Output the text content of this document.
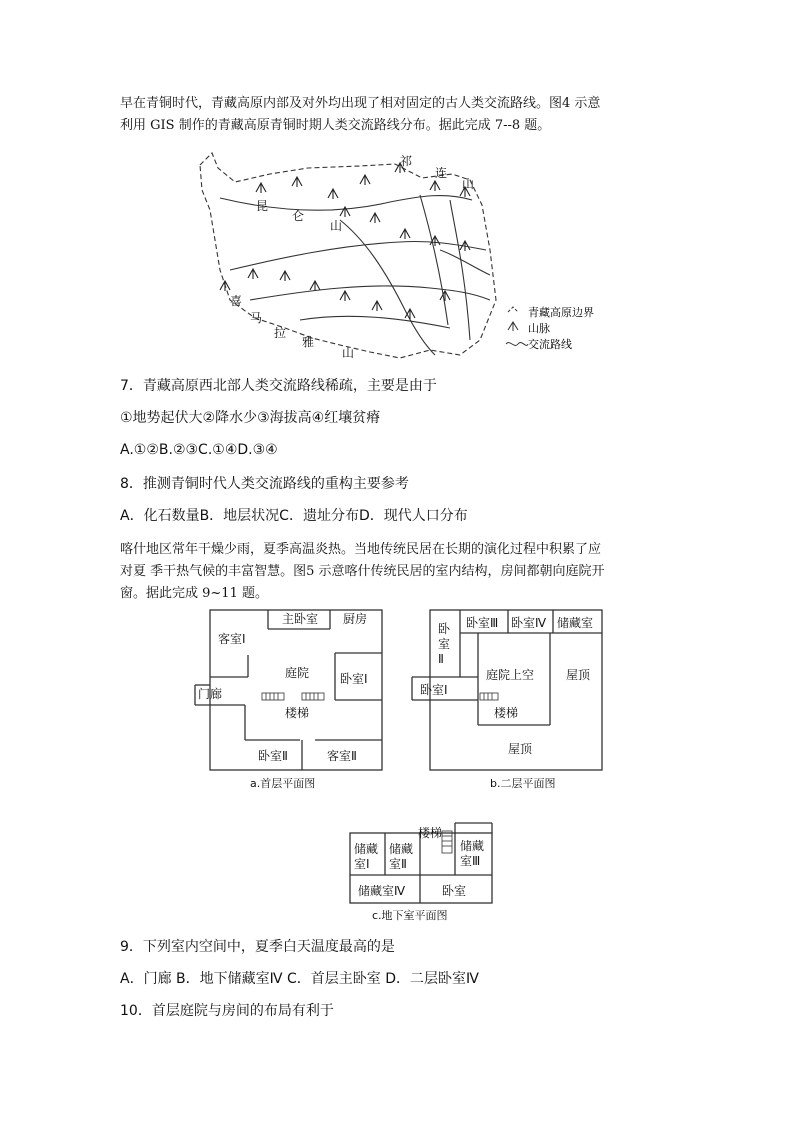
早在青铜时代，青藏高原内部及对外均出现了相对固定的古人类交流路线。图4 示意
利用 GIS 制作的青藏高原青铜时期人类交流路线分布。据此完成 7--8 题。
祁
连
山
昆
仑
山
喜
马
拉
雅
山
青藏高原边界
山脉
交流路线
7．青藏高原西北部人类交流路线稀疏，主要是由于
①地势起伏大②降水少③海拔高④红壤贫瘠
A.①②B.②③C.①④D.③④
8．推测青铜时代人类交流路线的重构主要参考
A．化石数量B．地层状况C．遗址分布D．现代人口分布
喀什地区常年干燥少雨，夏季高温炎热。当地传统民居在长期的演化过程中积累了应
对夏 季干热气候的丰富智慧。图5 示意喀什传统民居的室内结构，房间都朝向庭院开
窗。据此完成 9~11 题。
客室Ⅰ
主卧室 厨房
庭院	卧室Ⅰ
门廊
楼梯
卧室Ⅱ	客室Ⅱ
a.首层平面图
卧
室
Ⅱ
卧室Ⅲ 卧室Ⅳ 储藏室
庭院上空	屋顶
卧室Ⅰ
楼梯
屋顶
b.二层平面图
楼梯
储藏
室Ⅰ
储藏
室Ⅱ
储藏
室Ⅲ
储藏室Ⅳ	卧室
c.地下室平面图
9．下列室内空间中，夏季白天温度最高的是
A．门廊 B．地下储藏室Ⅳ C．首层主卧室 D．二层卧室Ⅳ
10．首层庭院与房间的布局有利于
